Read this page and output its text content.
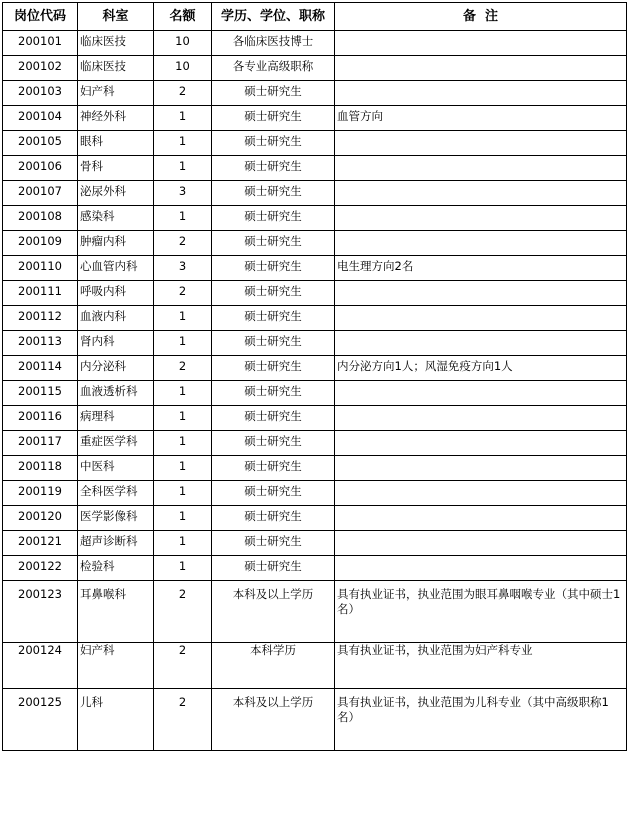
岗位代码	科室	名额	学历、学位、职称	备  注
200101	临床医技	10	各临床医技博士	
200102	临床医技	10	各专业高级职称	
200103	妇产科	2	硕士研究生	
200104	神经外科	1	硕士研究生	血管方向
200105	眼科	1	硕士研究生	
200106	骨科	1	硕士研究生	
200107	泌尿外科	3	硕士研究生	
200108	感染科	1	硕士研究生	
200109	肿瘤内科	2	硕士研究生	
200110	心血管内科	3	硕士研究生	电生理方向2名
200111	呼吸内科	2	硕士研究生	
200112	血液内科	1	硕士研究生	
200113	肾内科	1	硕士研究生	
200114	内分泌科	2	硕士研究生	内分泌方向1人；风湿免疫方向1人
200115	血液透析科	1	硕士研究生	
200116	病理科	1	硕士研究生	
200117	重症医学科	1	硕士研究生	
200118	中医科	1	硕士研究生	
200119	全科医学科	1	硕士研究生	
200120	医学影像科	1	硕士研究生	
200121	超声诊断科	1	硕士研究生	
200122	检验科	1	硕士研究生	
200123	耳鼻喉科	2	本科及以上学历	具有执业证书，执业范围为眼耳鼻咽喉专业（其中硕士1名）
200124	妇产科	2	本科学历	具有执业证书，执业范围为妇产科专业
200125	儿科	2	本科及以上学历	具有执业证书，执业范围为儿科专业（其中高级职称1名）
